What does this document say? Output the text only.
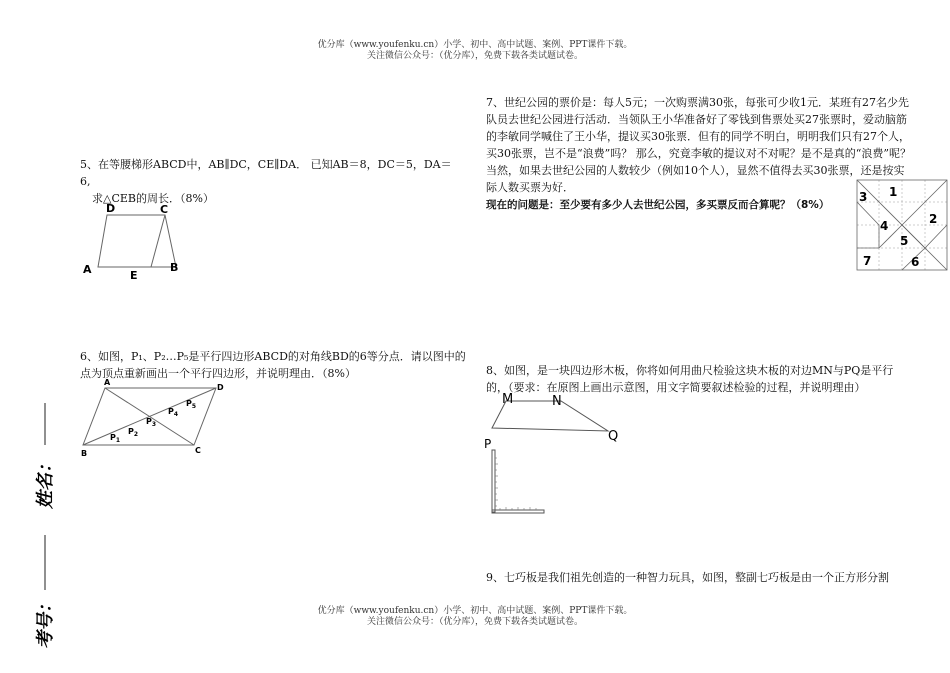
优分库（www.youfenku.cn）小学、初中、高中试题、案例、PPT课件下载。
关注微信公众号：（优分库），免费下载各类试题试卷。

5、在等腰梯形ABCD中，AB∥DC，CE∥DA． 已知AB＝8，DC＝5，DA＝6,

求△CEB的周长．（8%）

D	C
A	B
E

6、如图，P₁、P₂…P₅是平行四边形ABCD的对角线BD的6等分点．请以图中的点为顶点重新画出一个平行四边形，并说明理由．（8%）

A
D
B	C
$P_1$
$P_2$
$P_3$
$P_4$
$P_5$

7、世纪公园的票价是：每人5元；一次购票满30张，每张可少收1元．某班有27名少先队员去世纪公园进行活动．当领队王小华准备好了零钱到售票处买27张票时，爱动脑筋的李敏同学喊住了王小华，提议买30张票．但有的同学不明白，明明我们只有27个人，买30张票，岂不是“浪费”吗？ 那么，究竟李敏的提议对不对呢？是不是真的“浪费”呢？当然，如果去世纪公园的人数较少（例如10个人），显然不值得去买30张票，还是按实际人数买票为好．现在的问题是：至少要有多少人去世纪公园，多买票反而合算呢？（8%）

1
2
3
4
5
6
7

8、如图，是一块四边形木板，你将如何用曲尺检验这块木板的对边MN与PQ是平行的，（要求：在原图上画出示意图，用文字简要叙述检验的过程，并说明理由）

M	N
Q
P

9、七巧板是我们祖先创造的一种智力玩具，如图，整副七巧板是由一个正方形分割

姓名：
考号：	优分库（www.youfenku.cn）小学、初中、高中试题、案例、PPT课件下载。
关注微信公众号：（优分库），免费下载各类试题试卷。
